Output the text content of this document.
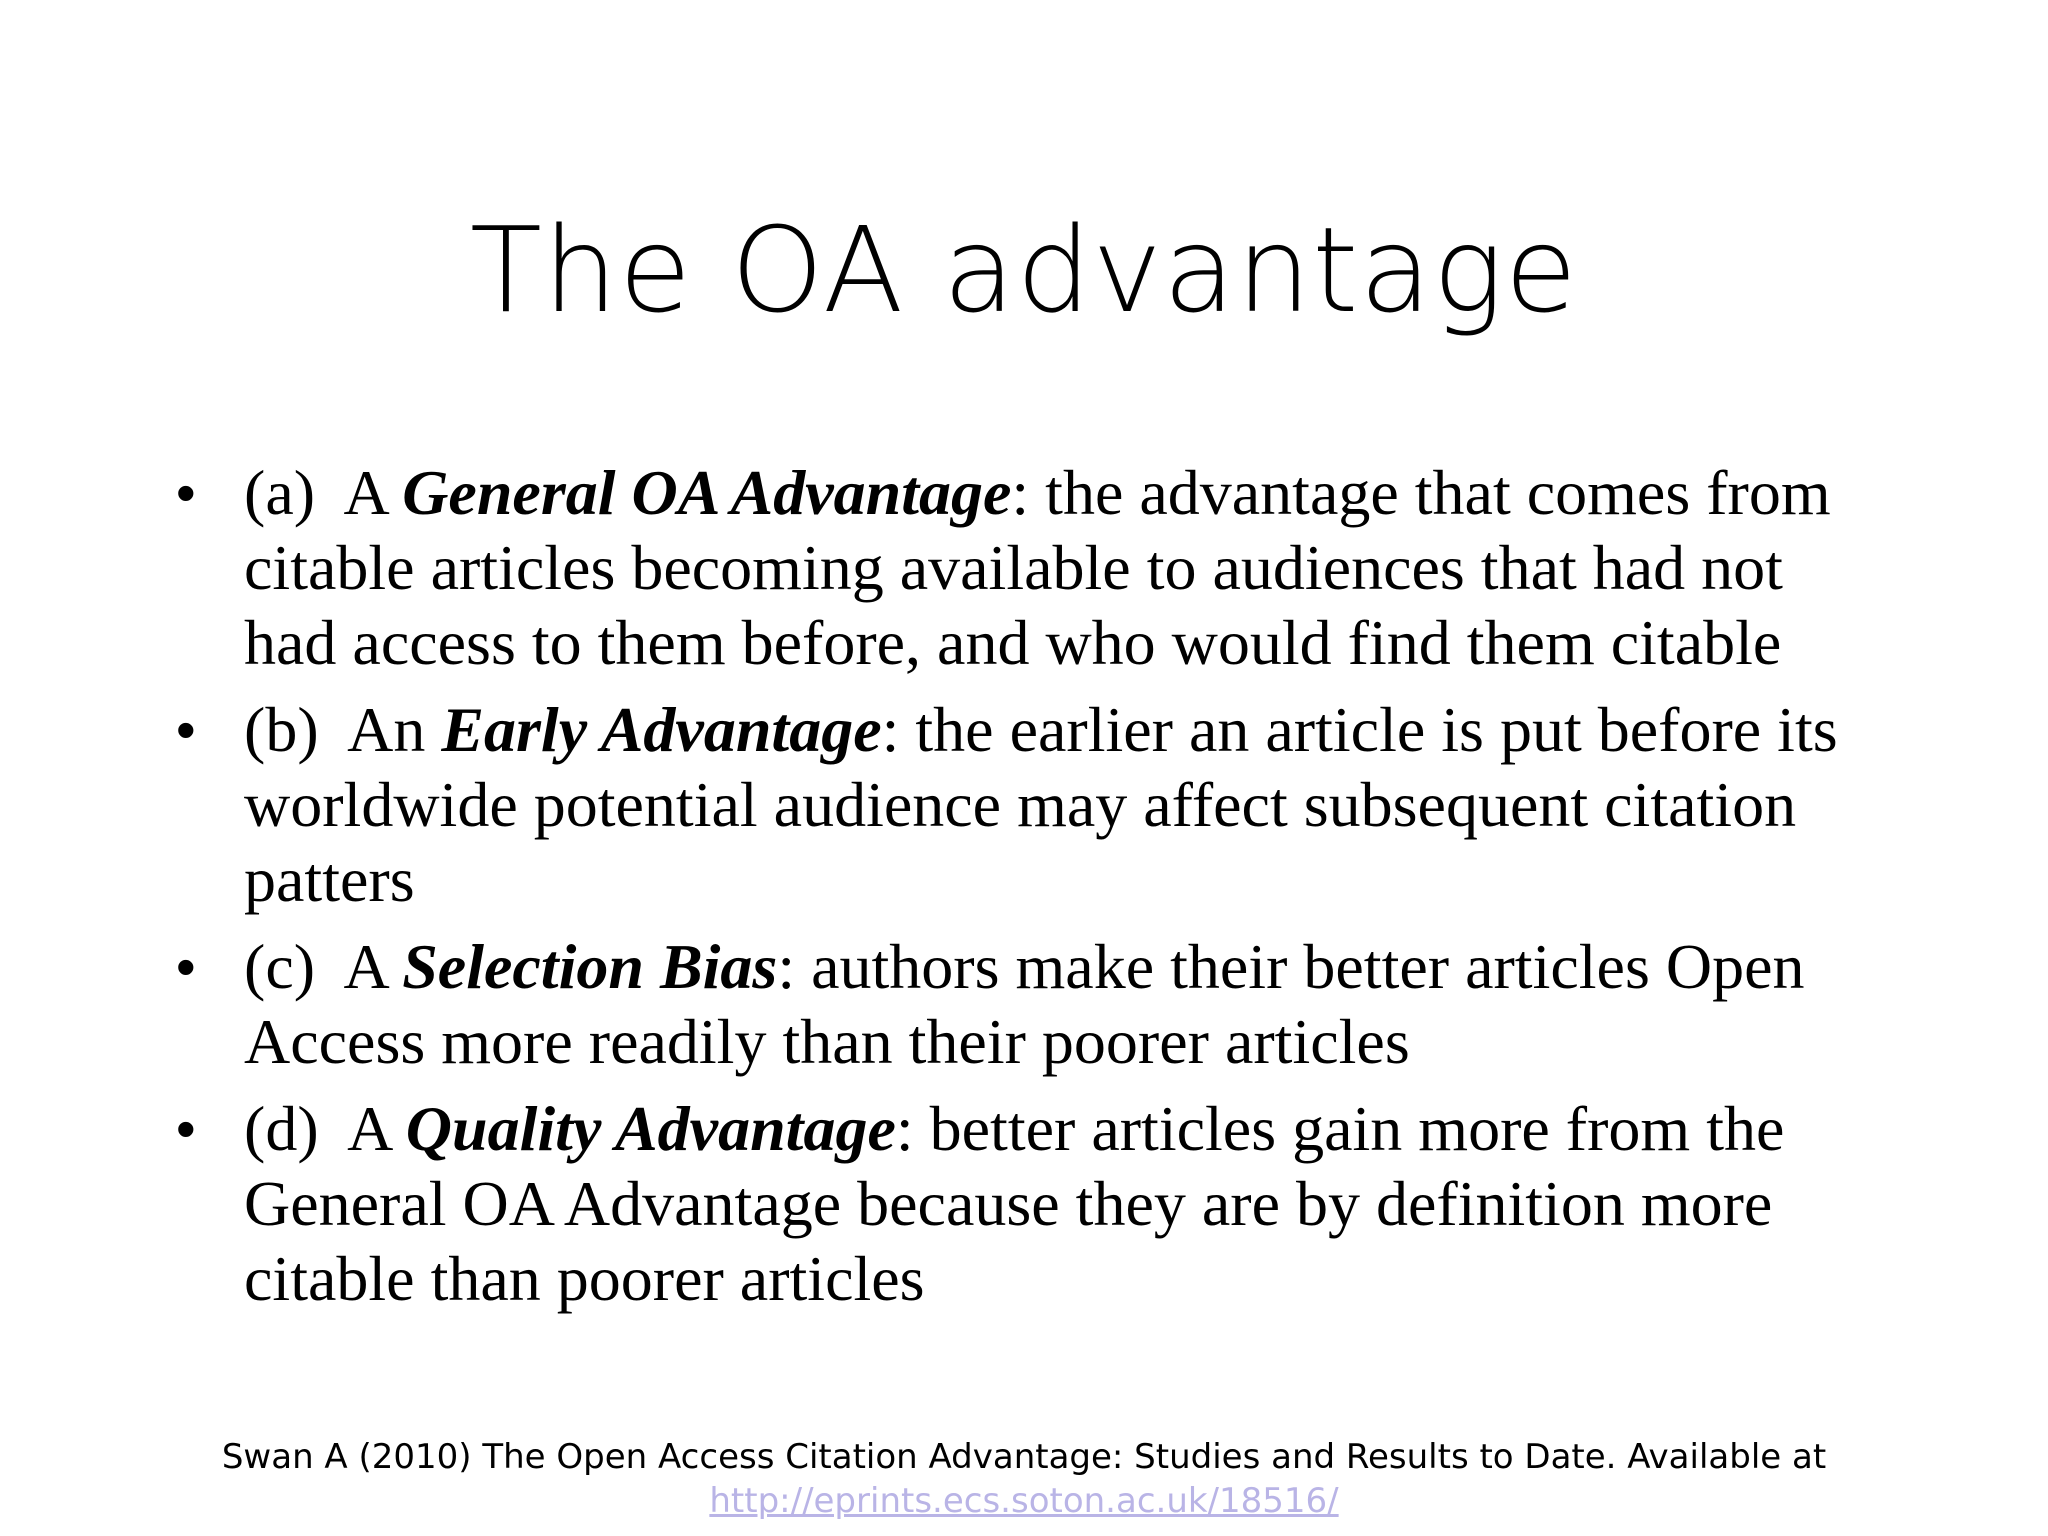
The OA advantage
• (a)  A General OA Advantage: the advantage that comes from citable articles becoming available to audiences that had not had access to them before, and who would find them citable
• (b)  An Early Advantage: the earlier an article is put before its worldwide potential audience may affect subsequent citation patters
• (c)  A Selection Bias: authors make their better articles Open Access more readily than their poorer articles
• (d)  A Quality Advantage: better articles gain more from the General OA Advantage because they are by definition more citable than poorer articles
Swan A (2010) The Open Access Citation Advantage: Studies and Results to Date. Available at
http://eprints.ecs.soton.ac.uk/18516/
